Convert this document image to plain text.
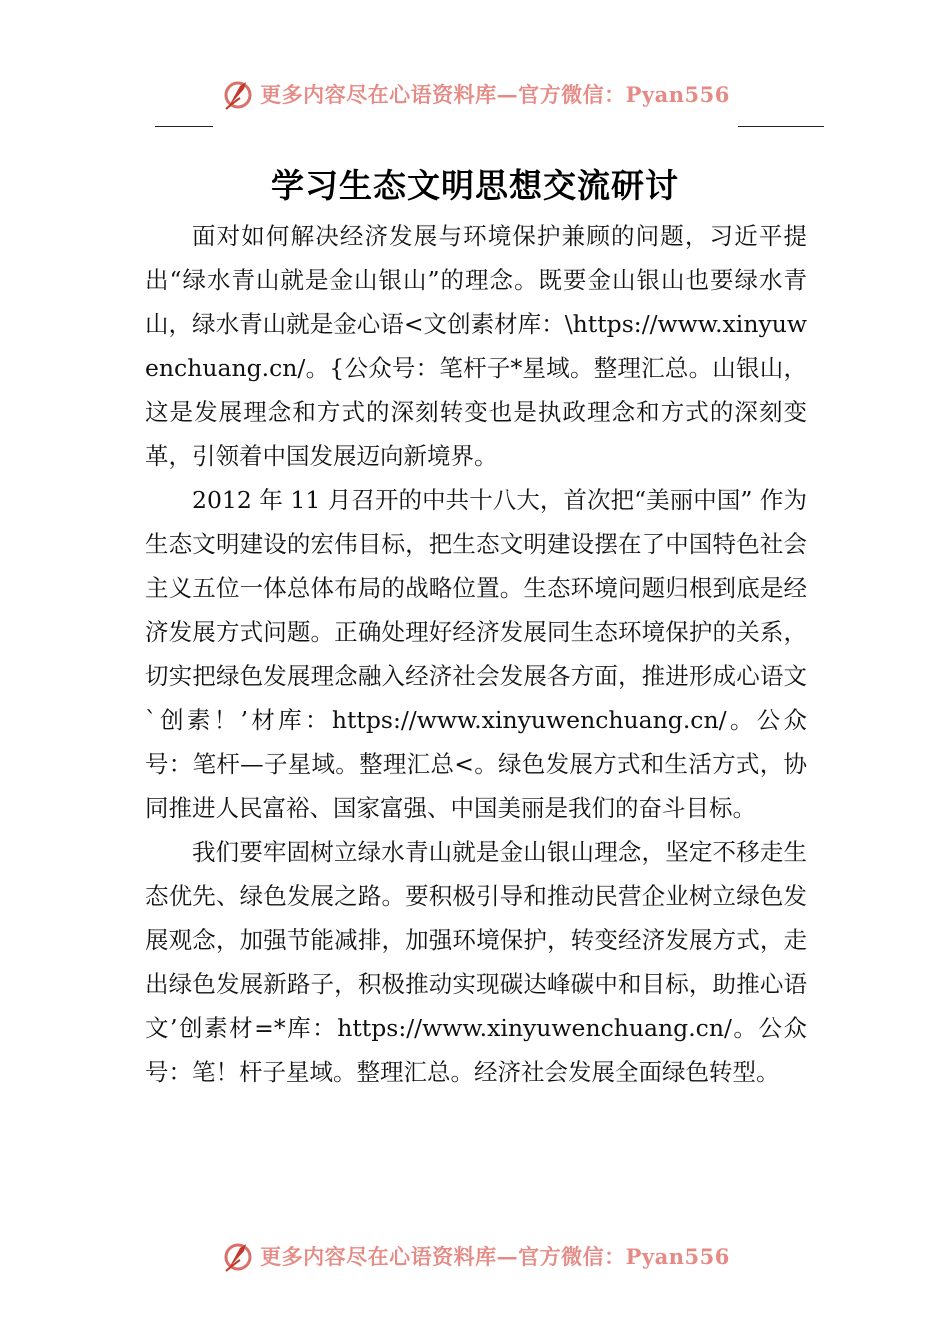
更多内容尽在心语资料库—官方微信：Pyan556
学习生态文明思想交流研讨

面对如何解决经济发展与环境保护兼顾的问题，习近平提出“绿水青山就是金山银山”的理念。既要金山银山也要绿水青山，绿水青山就是金心语<文创素材库：\https://www.xinyuwenchuang.cn/。{公众号：笔杆子*星域。整理汇总。山银山，这是发展理念和方式的深刻转变也是执政理念和方式的深刻变革，引领着中国发展迈向新境界。

2012 年 11 月召开的中共十八大，首次把“美丽中国” 作为生态文明建设的宏伟目标，把生态文明建设摆在了中国特色社会主义五位一体总体布局的战略位置。生态环境问题归根到底是经济发展方式问题。正确处理好经济发展同生态环境保护的关系，切实把绿色发展理念融入经济社会发展各方面，推进形成心语文`创素！’材库：https://www.xinyuwenchuang.cn/。公众号：笔杆—子星域。整理汇总<。绿色发展方式和生活方式，协同推进人民富裕、国家富强、中国美丽是我们的奋斗目标。

我们要牢固树立绿水青山就是金山银山理念，坚定不移走生态优先、绿色发展之路。要积极引导和推动民营企业树立绿色发展观念，加强节能减排，加强环境保护，转变经济发展方式，走出绿色发展新路子，积极推动实现碳达峰碳中和目标，助推心语文’创素材=*库：https://www.xinyuwenchuang.cn/。公众号：笔！杆子星域。整理汇总。经济社会发展全面绿色转型。

更多内容尽在心语资料库—官方微信：Pyan556
